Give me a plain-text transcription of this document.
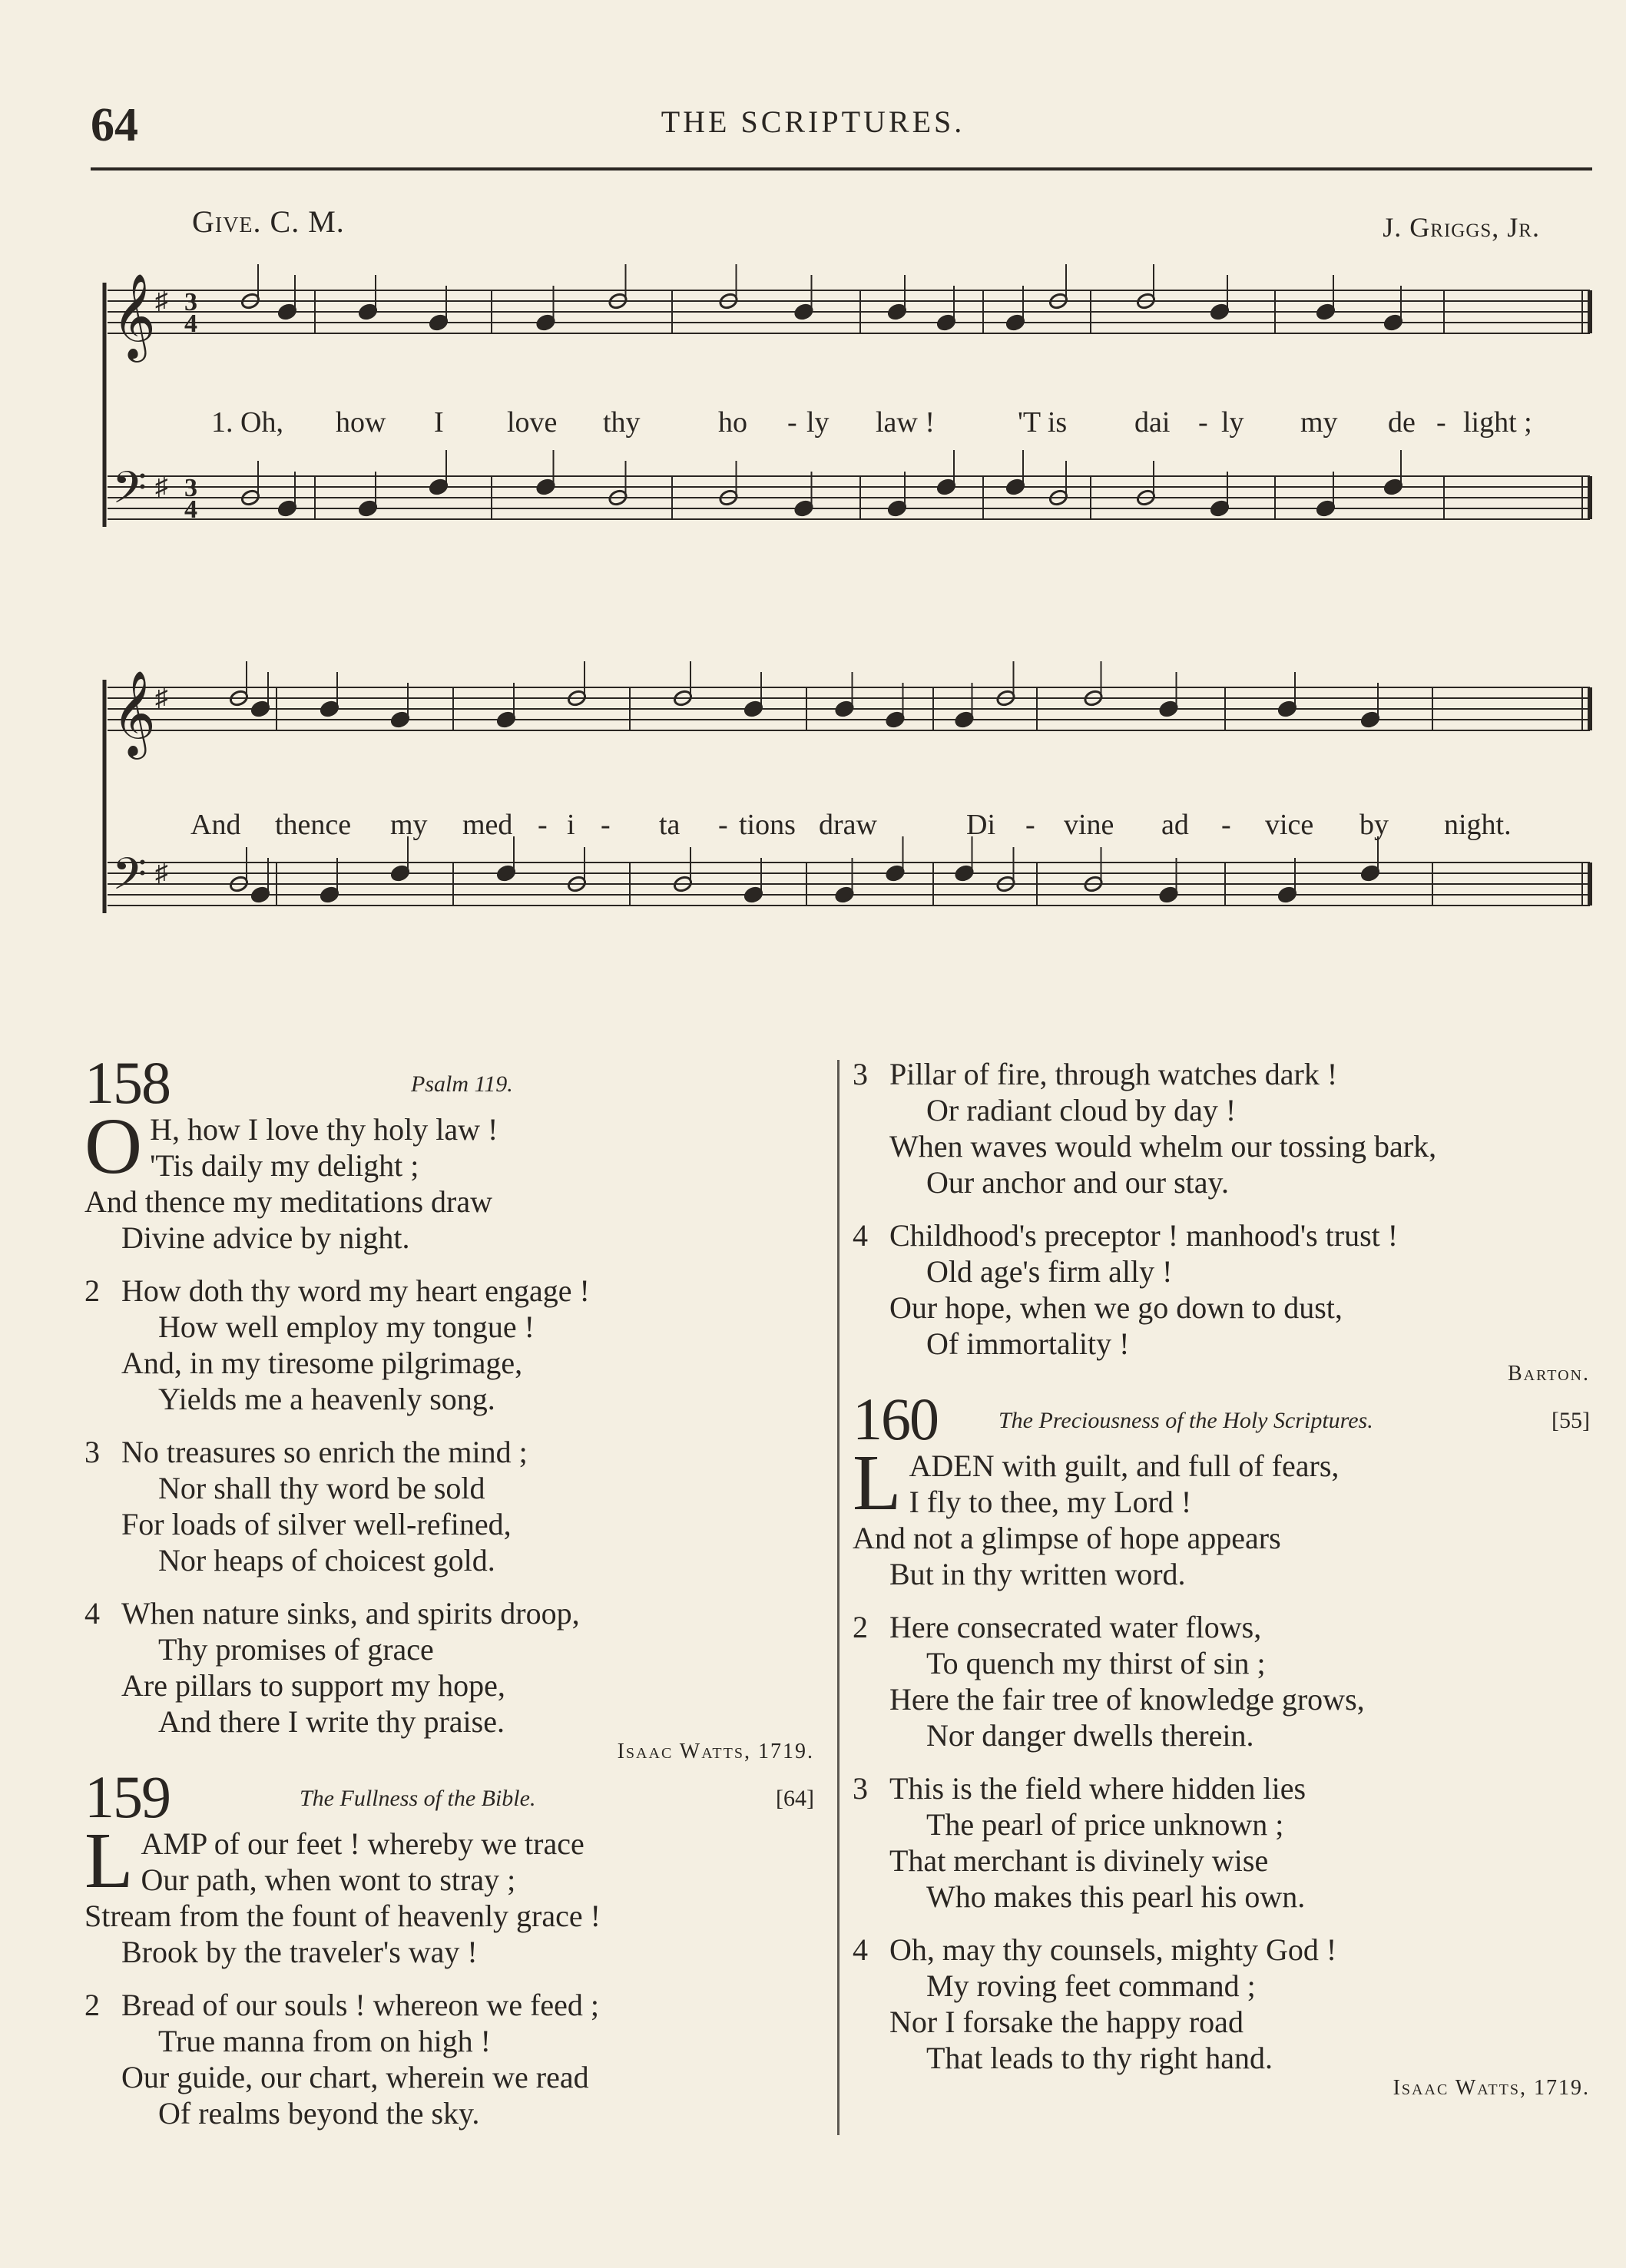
64	THE SCRIPTURES.
Give. C. M.	J. Griggs, Jr.
𝄞 ♯ 3
4
𝄢 ♯ 3
4
1. Oh, how I love thy	ho - ly law !	'T is dai - ly my de - light ;
𝄞 ♯
𝄢 ♯
And thence my med - i - ta - tions draw	Di - vine ad - vice by night.
158	Psalm 119.
O H, how I love thy holy law !
'Tis daily my delight ;
And thence my meditations draw
Divine advice by night.
2 How doth thy word my heart engage !
How well employ my tongue !
And, in my tiresome pilgrimage,
Yields me a heavenly song.
3 No treasures so enrich the mind ;
Nor shall thy word be sold
For loads of silver well-refined,
Nor heaps of choicest gold.
4 When nature sinks, and spirits droop,
Thy promises of grace
Are pillars to support my hope,
And there I write thy praise.
Isaac Watts, 1719.
159	The Fullness of the Bible.	[64]
L AMP of our feet ! whereby we trace
Our path, when wont to stray ;
Stream from the fount of heavenly grace !
Brook by the traveler's way !
2 Bread of our souls ! whereon we feed ;
True manna from on high !
Our guide, our chart, wherein we read
Of realms beyond the sky.
3 Pillar of fire, through watches dark !
Or radiant cloud by day !
When waves would whelm our tossing bark,
Our anchor and our stay.
4 Childhood's preceptor ! manhood's trust !
Old age's firm ally !
Our hope, when we go down to dust,
Of immortality !
Barton.
160	The Preciousness of the Holy Scriptures.	[55]
L ADEN with guilt, and full of fears,
I fly to thee, my Lord !
And not a glimpse of hope appears
But in thy written word.
2 Here consecrated water flows,
To quench my thirst of sin ;
Here the fair tree of knowledge grows,
Nor danger dwells therein.
3 This is the field where hidden lies
The pearl of price unknown ;
That merchant is divinely wise
Who makes this pearl his own.
4 Oh, may thy counsels, mighty God !
My roving feet command ;
Nor I forsake the happy road
That leads to thy right hand.
Isaac Watts, 1719.
